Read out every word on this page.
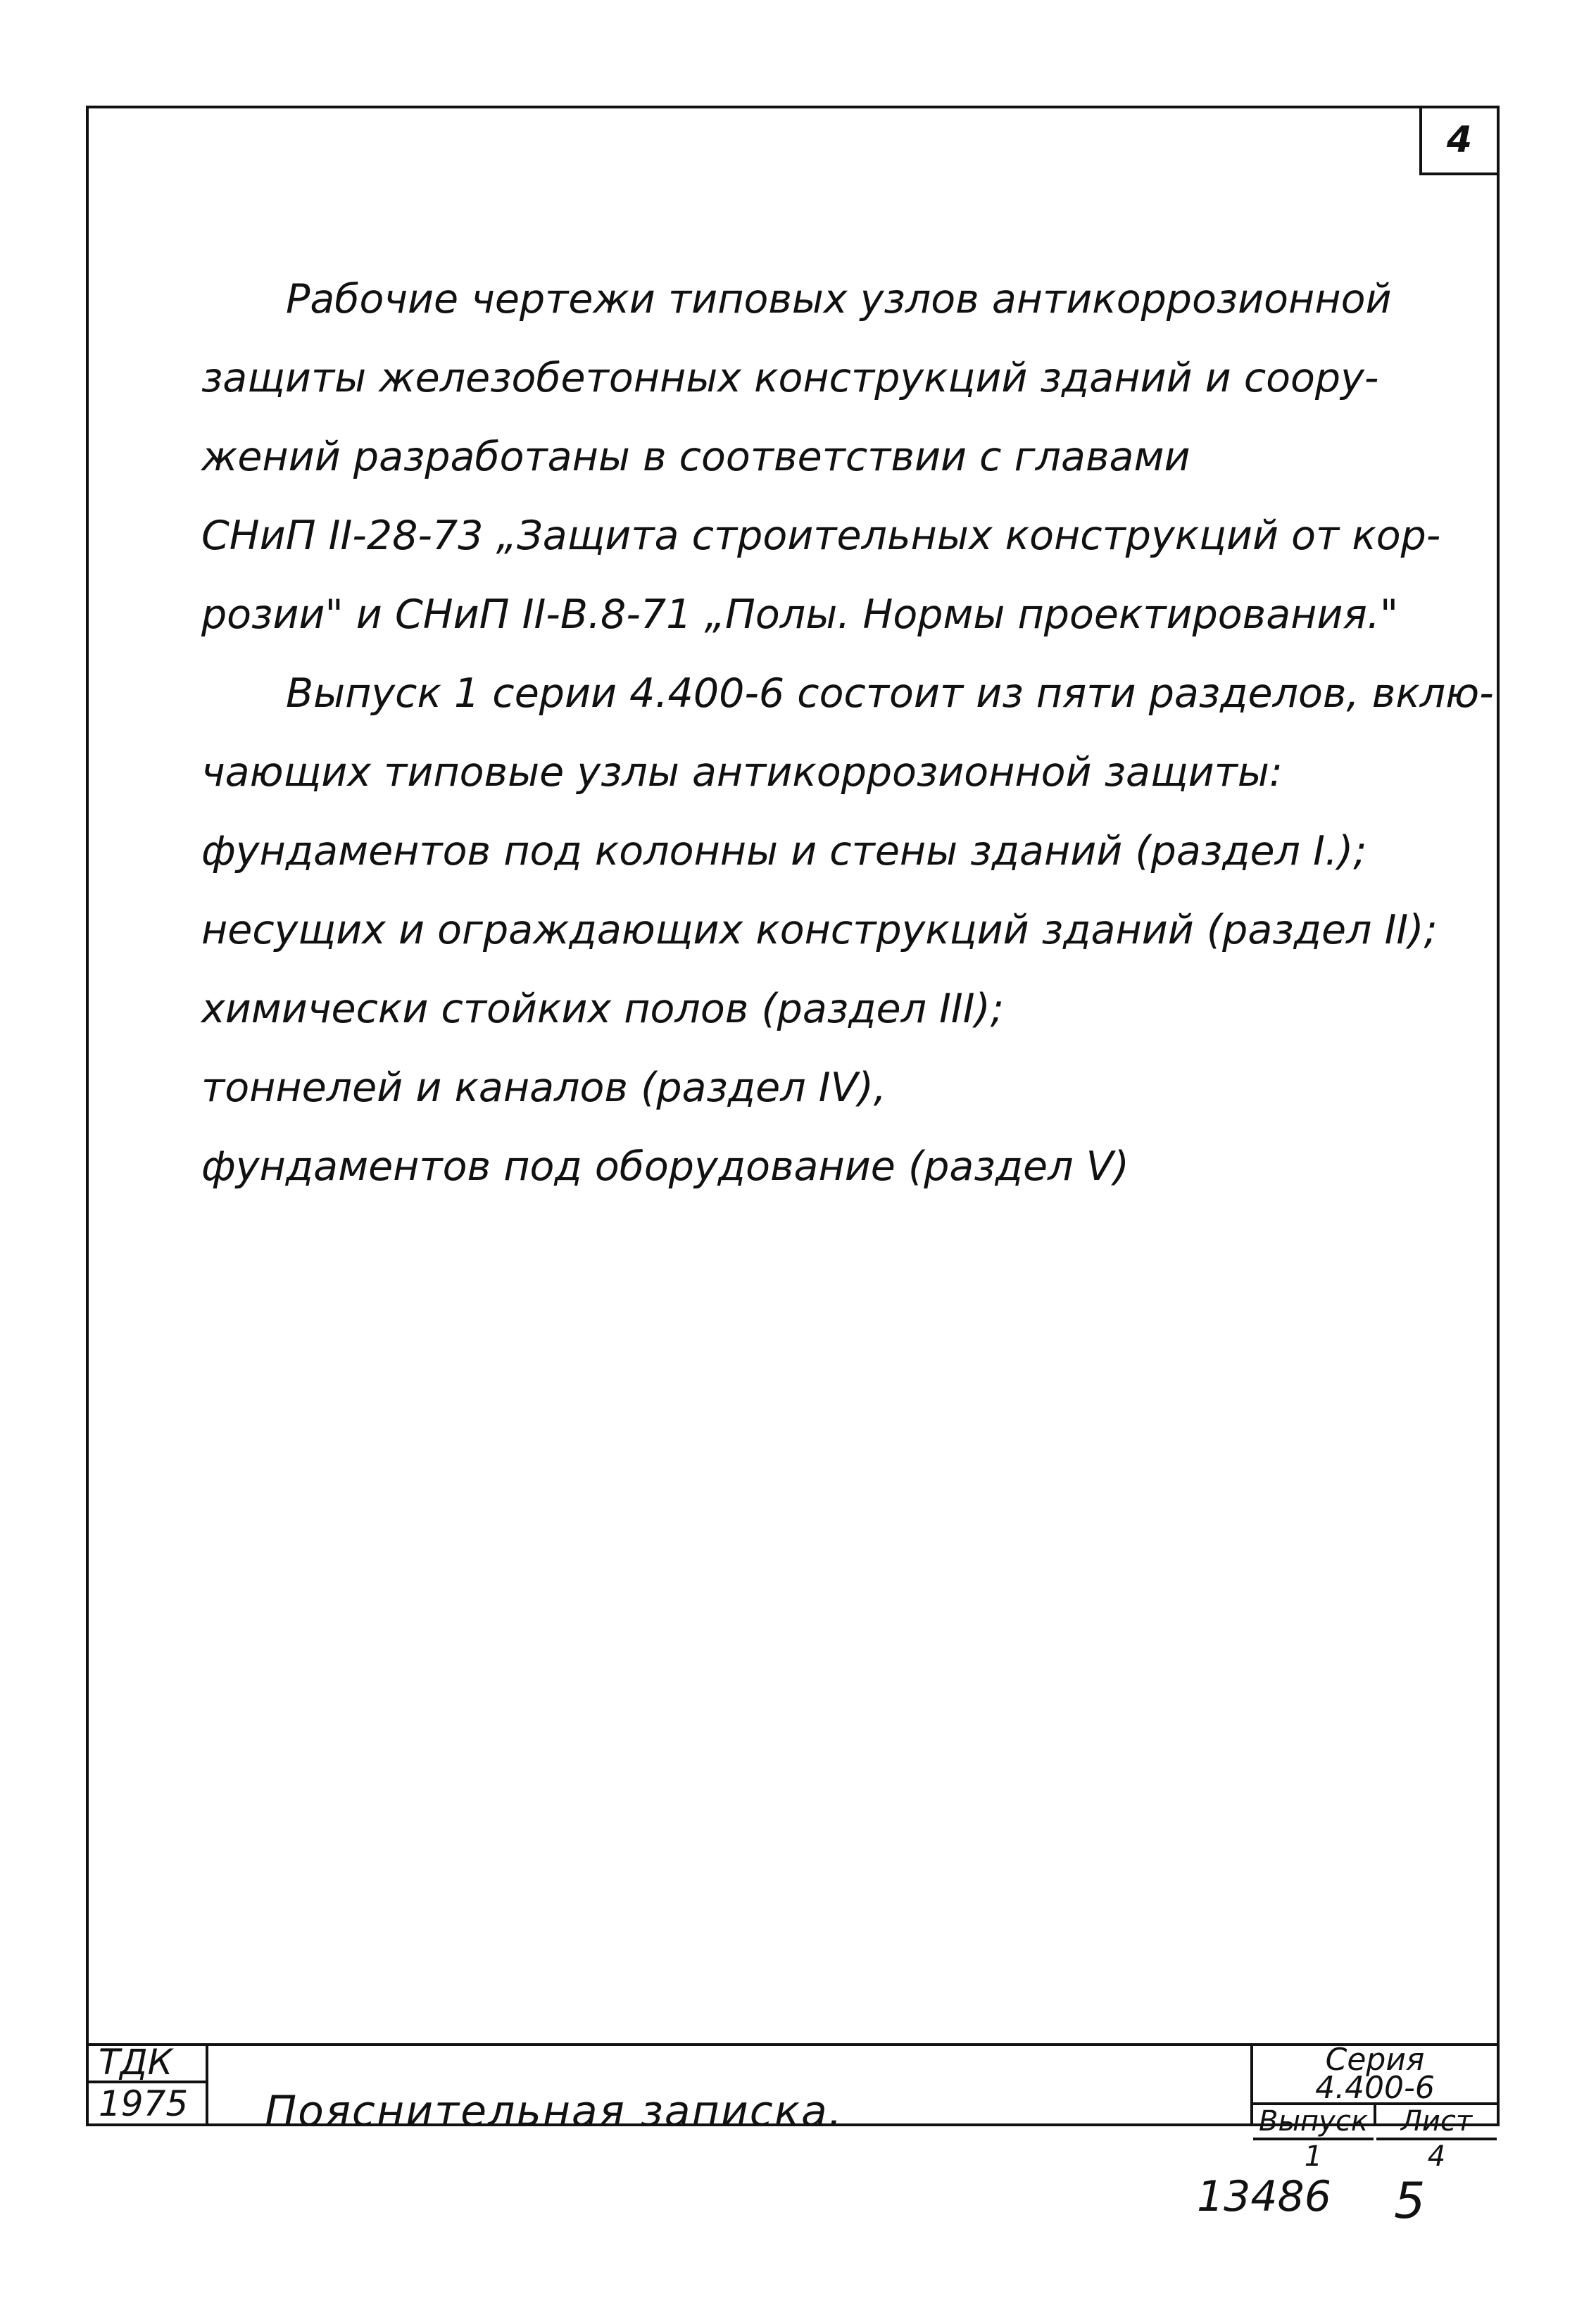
4

Рабочие чертежи типовых узлов антикоррозионной

защиты железобетонных конструкций зданий и соору-

жений разработаны в соответствии с главами

СНиП II-28-73 „Защита строительных конструкций от кор-

розии" и СНиП II-В.8-71 „Полы. Нормы проектирования."

Выпуск 1 серии 4.400-6 состоит из пяти разделов, вклю-

чающих типовые узлы антикоррозионной защиты:

фундаментов под колонны и стены зданий (раздел I.);

несущих и ограждающих конструкций зданий (раздел II);

химически стойких полов (раздел III);

тоннелей и каналов (раздел IV),

фундаментов под оборудование (раздел V)

ТДК
1975	Пояснительная записка.
Серия
4.400-6
Выпуск
1
Лист
4
13486 5
